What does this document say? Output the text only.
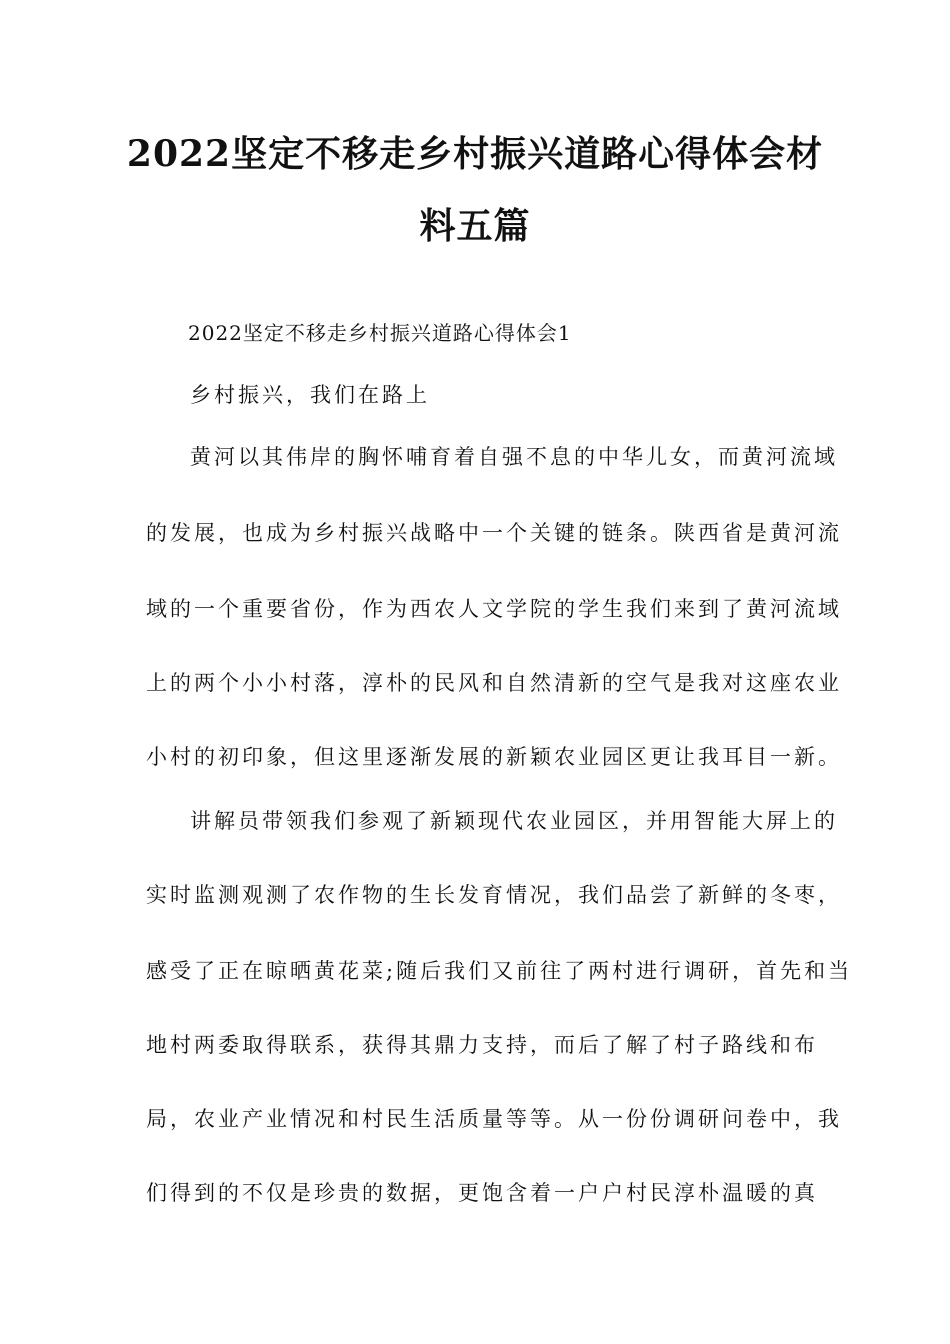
2022坚定不移走乡村振兴道路心得体会材
料五篇
2022坚定不移走乡村振兴道路心得体会1
乡村振兴，我们在路上
黄河以其伟岸的胸怀哺育着自强不息的中华儿女，而黄河流域
的发展，也成为乡村振兴战略中一个关键的链条。陕西省是黄河流
域的一个重要省份，作为西农人文学院的学生我们来到了黄河流域
上的两个小小村落，淳朴的民风和自然清新的空气是我对这座农业
小村的初印象，但这里逐渐发展的新颖农业园区更让我耳目一新。
讲解员带领我们参观了新颖现代农业园区，并用智能大屏上的
实时监测观测了农作物的生长发育情况，我们品尝了新鲜的冬枣，
感受了正在晾晒黄花菜;随后我们又前往了两村进行调研，首先和当
地村两委取得联系，获得其鼎力支持，而后了解了村子路线和布
局，农业产业情况和村民生活质量等等。从一份份调研问卷中，我
们得到的不仅是珍贵的数据，更饱含着一户户村民淳朴温暖的真
